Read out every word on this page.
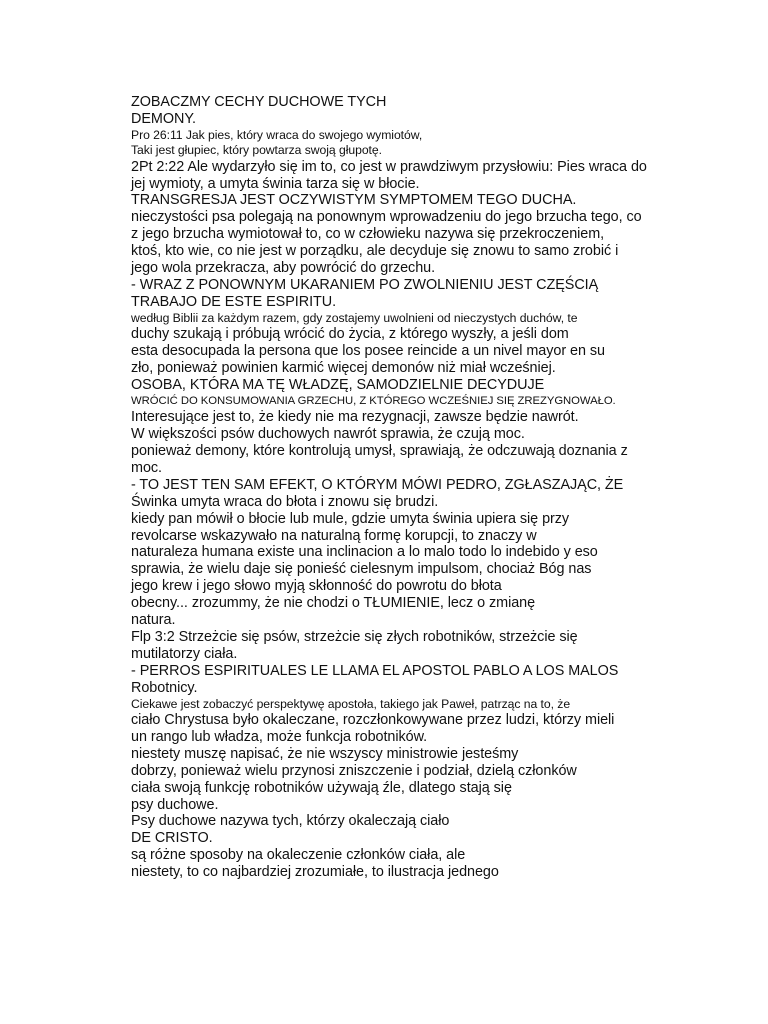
ZOBACZMY CECHY DUCHOWE TYCH
DEMONY.
Pro 26:11 Jak pies, który wraca do swojego wymiotów,
Taki jest głupiec, który powtarza swoją głupotę.
2Pt 2:22 Ale wydarzyło się im to, co jest w prawdziwym przysłowiu: Pies wraca do
jej wymioty, a umyta świnia tarza się w błocie.
TRANSGRESJA JEST OCZYWISTYM SYMPTOMEM TEGO DUCHA.
nieczystości psa polegają na ponownym wprowadzeniu do jego brzucha tego, co
z jego brzucha wymiotował to, co w człowieku nazywa się przekroczeniem,
ktoś, kto wie, co nie jest w porządku, ale decyduje się znowu to samo zrobić i
jego wola przekracza, aby powrócić do grzechu.
- WRAZ Z PONOWNYM UKARANIEM PO ZWOLNIENIU JEST CZĘŚCIĄ
TRABAJO DE ESTE ESPIRITU.
według Biblii za każdym razem, gdy zostajemy uwolnieni od nieczystych duchów, te
duchy szukają i próbują wrócić do życia, z którego wyszły, a jeśli dom
esta desocupada la persona que los posee reincide a un nivel mayor en su
zło, ponieważ powinien karmić więcej demonów niż miał wcześniej.
OSOBA, KTÓRA MA TĘ WŁADZĘ, SAMODZIELNIE DECYDUJE
WRÓCIĆ DO KONSUMOWANIA GRZECHU, Z KTÓREGO WCZEŚNIEJ SIĘ ZREZYGNOWAŁO.
Interesujące jest to, że kiedy nie ma rezygnacji, zawsze będzie nawrót.
W większości psów duchowych nawrót sprawia, że czują moc.
ponieważ demony, które kontrolują umysł, sprawiają, że odczuwają doznania z
moc.
- TO JEST TEN SAM EFEKT, O KTÓRYM MÓWI PEDRO, ZGŁASZAJĄC, ŻE
Świnka umyta wraca do błota i znowu się brudzi.
kiedy pan mówił o błocie lub mule, gdzie umyta świnia upiera się przy
revolcarse wskazywało na naturalną formę korupcji, to znaczy w
naturaleza humana existe una inclinacion a lo malo todo lo indebido y eso
sprawia, że wielu daje się ponieść cielesnym impulsom, chociaż Bóg nas
jego krew i jego słowo myją skłonność do powrotu do błota
obecny... zrozummy, że nie chodzi o TŁUMIENIE, lecz o zmianę
natura.
Flp 3:2 Strzeżcie się psów, strzeżcie się złych robotników, strzeżcie się
mutilatorzy ciała.
- PERROS ESPIRITUALES LE LLAMA EL APOSTOL PABLO A LOS MALOS
Robotnicy.
Ciekawe jest zobaczyć perspektywę apostoła, takiego jak Paweł, patrząc na to, że
ciało Chrystusa było okaleczane, rozczłonkowywane przez ludzi, którzy mieli
un rango lub władza, może funkcja robotników.
niestety muszę napisać, że nie wszyscy ministrowie jesteśmy
dobrzy, ponieważ wielu przynosi zniszczenie i podział, dzielą członków
ciała swoją funkcję robotników używają źle, dlatego stają się
psy duchowe.
Psy duchowe nazywa tych, którzy okaleczają ciało
DE CRISTO.
są różne sposoby na okaleczenie członków ciała, ale
niestety, to co najbardziej zrozumiałe, to ilustracja jednego
